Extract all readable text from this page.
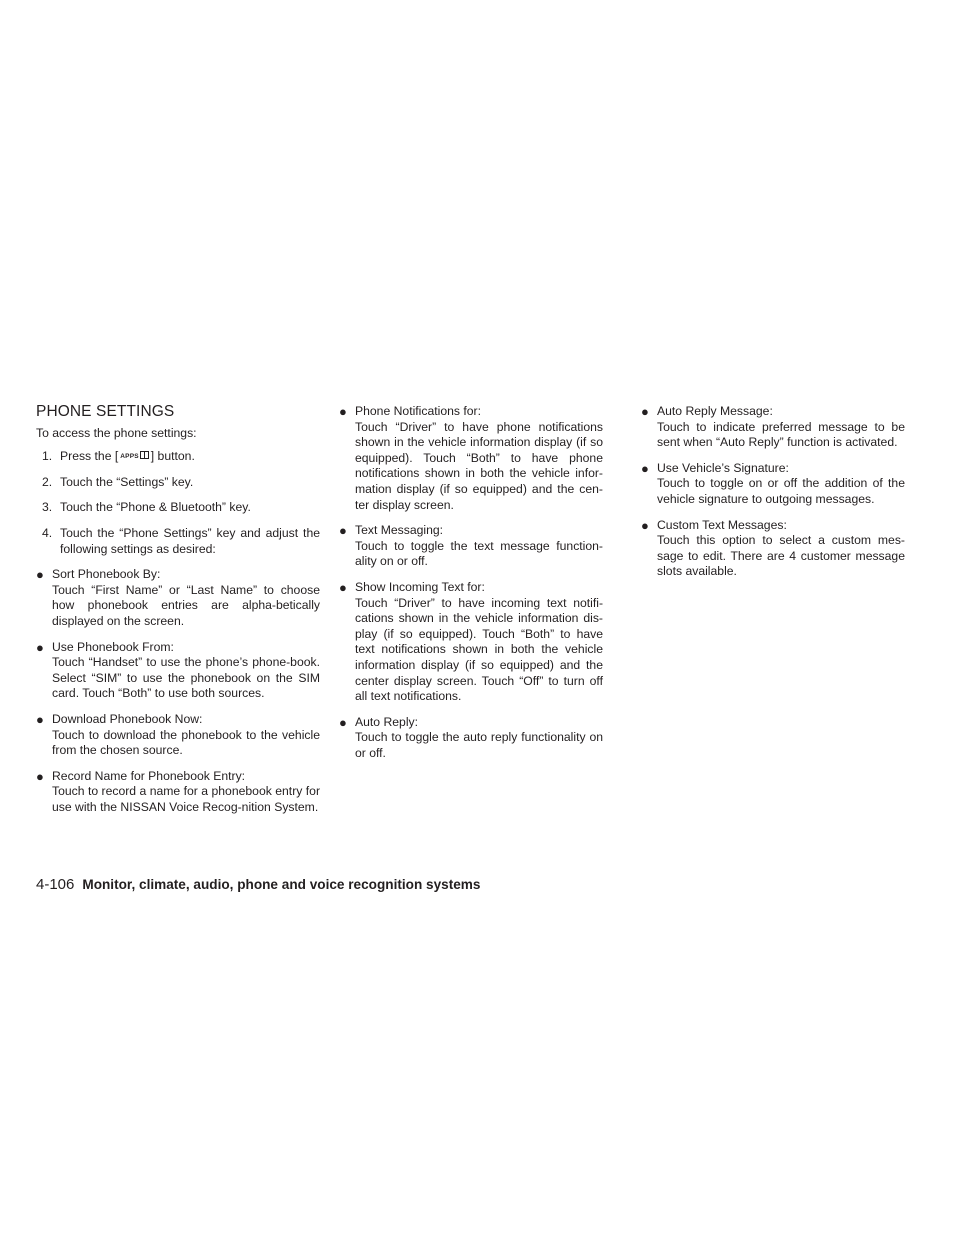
PHONE SETTINGS

To access the phone settings:

1. Press the [ APPS ] button.
2. Touch the “Settings” key.
3. Touch the “Phone & Bluetooth” key.
4. Touch the “Phone Settings” key and adjust the following settings as desired:
● Sort Phonebook By:
Touch “First Name” or “Last Name” to choose how phonebook entries are alpha-betically displayed on the screen.
● Use Phonebook From:
Touch “Handset” to use the phone’s phone-book. Select “SIM” to use the phonebook on the SIM card. Touch “Both” to use both sources.
● Download Phonebook Now:
Touch to download the phonebook to the vehicle from the chosen source.
● Record Name for Phonebook Entry:
Touch to record a name for a phonebook entry for use with the NISSAN Voice Recog-nition System.
● Phone Notifications for:
Touch “Driver” to have phone notifications shown in the vehicle information display (if so equipped). Touch “Both” to have phone notifications shown in both the vehicle infor-mation display (if so equipped) and the cen-ter display screen.
● Text Messaging:
Touch to toggle the text message function-ality on or off.
● Show Incoming Text for:
Touch “Driver” to have incoming text notifi-cations shown in the vehicle information dis-play (if so equipped). Touch “Both” to have text notifications shown in both the vehicle information display (if so equipped) and the center display screen. Touch “Off” to turn off all text notifications.
● Auto Reply:
Touch to toggle the auto reply functionality on or off.
● Auto Reply Message:
Touch to indicate preferred message to be sent when “Auto Reply” function is activated.
● Use Vehicle’s Signature:
Touch to toggle on or off the addition of the vehicle signature to outgoing messages.
● Custom Text Messages:
Touch this option to select a custom mes-sage to edit. There are 4 customer message slots available.
4-106 Monitor, climate, audio, phone and voice recognition systems
